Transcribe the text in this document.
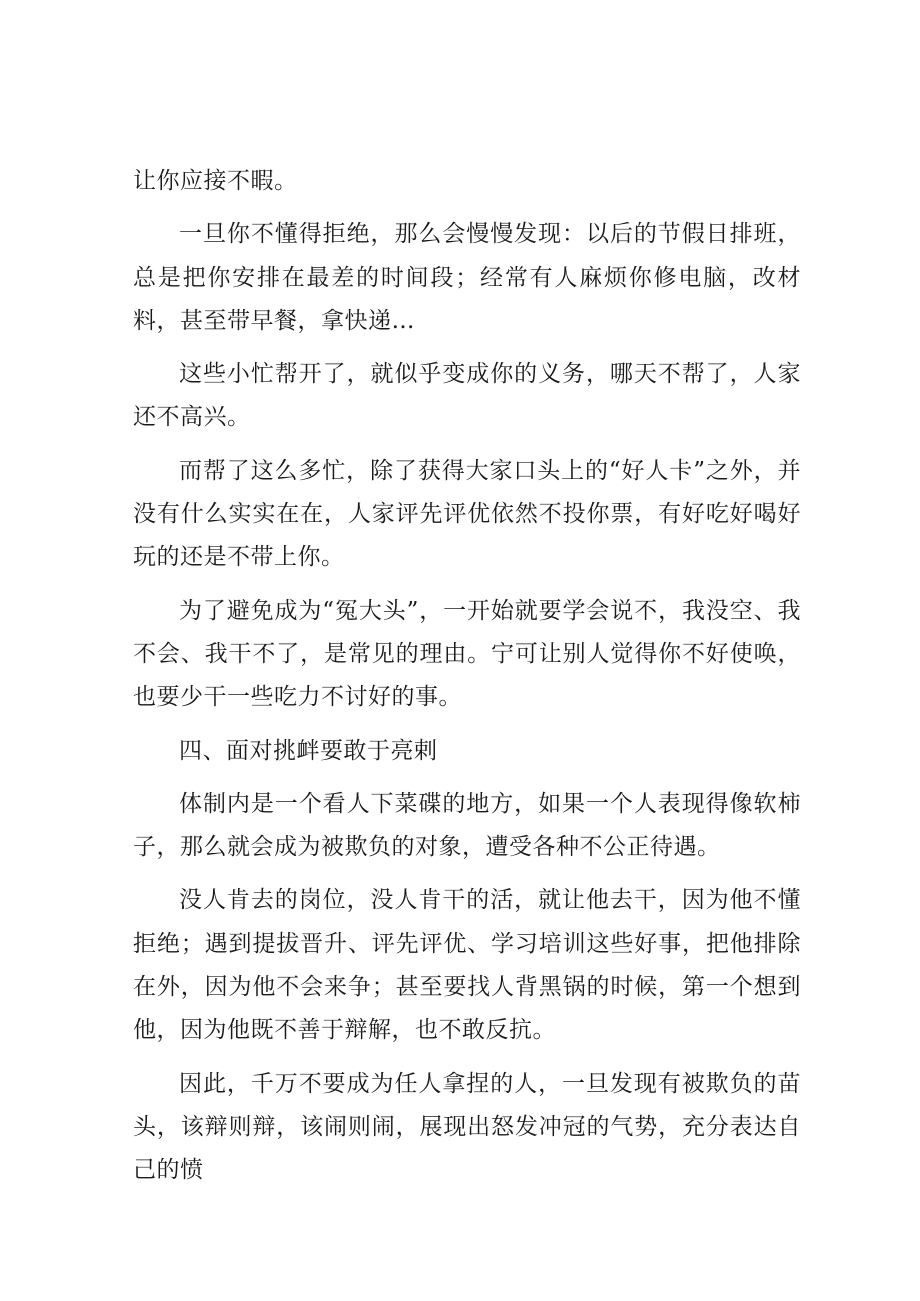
让你应接不暇。

一旦你不懂得拒绝，那么会慢慢发现：以后的节假日排班，总是把你安排在最差的时间段；经常有人麻烦你修电脑，改材料，甚至带早餐，拿快递…

这些小忙帮开了，就似乎变成你的义务，哪天不帮了，人家还不高兴。

而帮了这么多忙，除了获得大家口头上的“好人卡”之外，并没有什么实实在在，人家评先评优依然不投你票，有好吃好喝好玩的还是不带上你。

为了避免成为“冤大头”，一开始就要学会说不，我没空、我不会、我干不了，是常见的理由。宁可让别人觉得你不好使唤，也要少干一些吃力不讨好的事。

四、面对挑衅要敢于亮剌

体制内是一个看人下菜碟的地方，如果一个人表现得像软柿子，那么就会成为被欺负的对象，遭受各种不公正待遇。

没人肯去的岗位，没人肯干的活，就让他去干，因为他不懂拒绝；遇到提拔晋升、评先评优、学习培训这些好事，把他排除在外，因为他不会来争；甚至要找人背黑锅的时候，第一个想到他，因为他既不善于辩解，也不敢反抗。

因此，千万不要成为任人拿捏的人，一旦发现有被欺负的苗头，该辩则辩，该闹则闹，展现出怒发冲冠的气势，充分表达自己的愤
